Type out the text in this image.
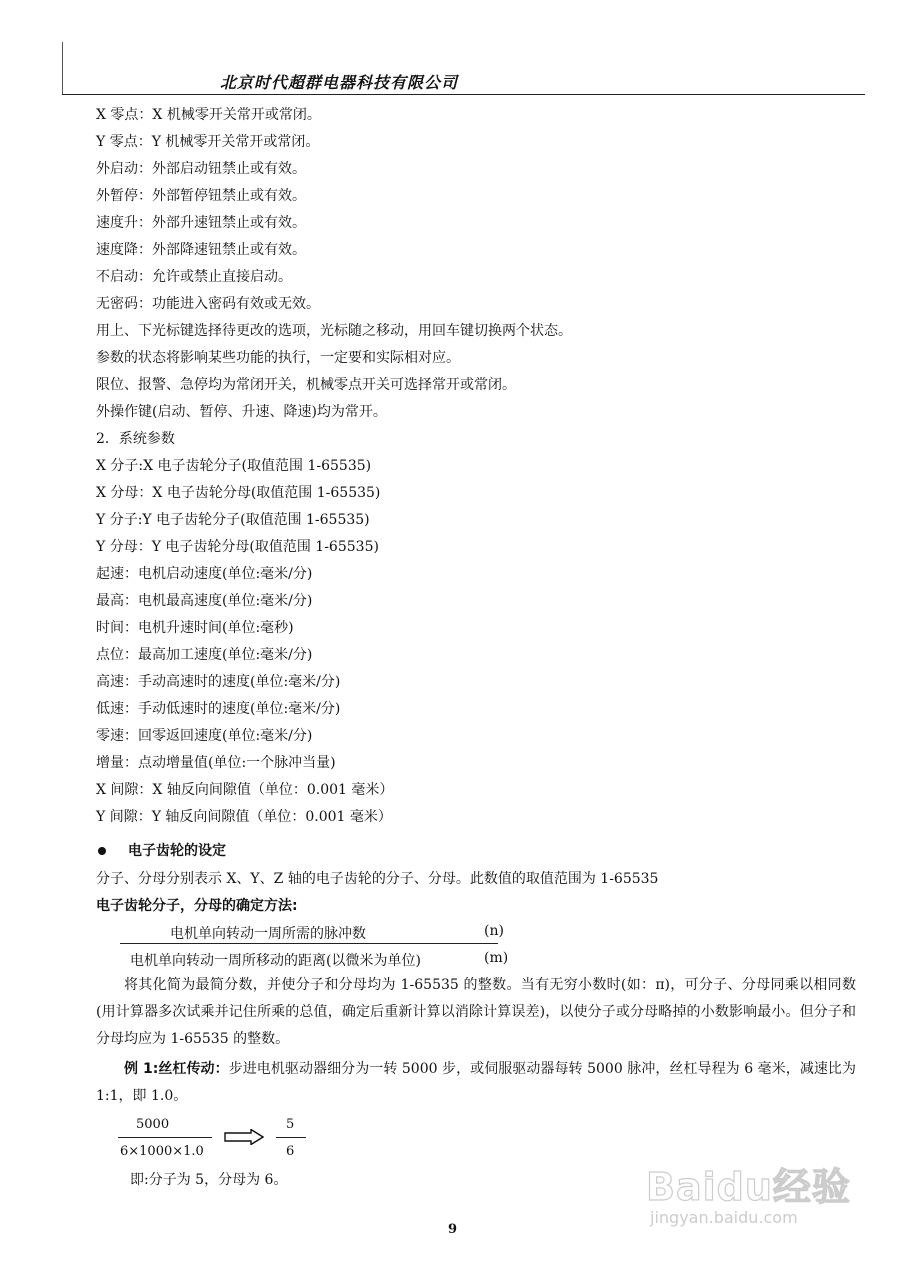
北京时代超群电器科技有限公司
X 零点：X 机械零开关常开或常闭。
Y 零点：Y 机械零开关常开或常闭。
外启动：外部启动钮禁止或有效。
外暂停：外部暂停钮禁止或有效。
速度升：外部升速钮禁止或有效。
速度降：外部降速钮禁止或有效。
不启动：允许或禁止直接启动。
无密码：功能进入密码有效或无效。
用上、下光标键选择待更改的选项，光标随之移动，用回车键切换两个状态。
参数的状态将影响某些功能的执行，一定要和实际相对应。
限位、报警、急停均为常闭开关，机械零点开关可选择常开或常闭。
外操作键(启动、暂停、升速、降速)均为常开。
2．系统参数
X 分子:X 电子齿轮分子(取值范围 1-65535)
X 分母：X 电子齿轮分母(取值范围 1-65535)
Y 分子:Y 电子齿轮分子(取值范围 1-65535)
Y 分母：Y 电子齿轮分母(取值范围 1-65535)
起速：电机启动速度(单位:毫米/分)
最高：电机最高速度(单位:毫米/分)
时间：电机升速时间(单位:毫秒)
点位：最高加工速度(单位:毫米/分)
高速：手动高速时的速度(单位:毫米/分)
低速：手动低速时的速度(单位:毫米/分)
零速：回零返回速度(单位:毫米/分)
增量：点动增量值(单位:一个脉冲当量)
X 间隙：X 轴反向间隙值（单位：0.001 毫米）
Y 间隙：Y 轴反向间隙值（单位：0.001 毫米）
电子齿轮的设定
分子、分母分别表示 X、Y、Z 轴的电子齿轮的分子、分母。此数值的取值范围为 1-65535
电子齿轮分子，分母的确定方法:
电机单向转动一周所需的脉冲数	(n)
电机单向转动一周所移动的距离(以微米为单位)	(m)
将其化简为最简分数，并使分子和分母均为 1-65535 的整数。当有无穷小数时(如：π)，可分子、分母同乘以相同数(用计算器多次试乘并记住所乘的总值，确定后重新计算以消除计算误差)，以使分子或分母略掉的小数影响最小。但分子和分母均应为 1-65535 的整数。
例 1:丝杠传动：步进电机驱动器细分为一转 5000 步，或伺服驱动器每转 5000 脉冲，丝杠导程为 6 毫米，减速比为 1:1，即 1.0。
5000
6×1000×1.0
5
6
即:分子为 5，分母为 6。
9
Baidu经验
jingyan.baidu.com
